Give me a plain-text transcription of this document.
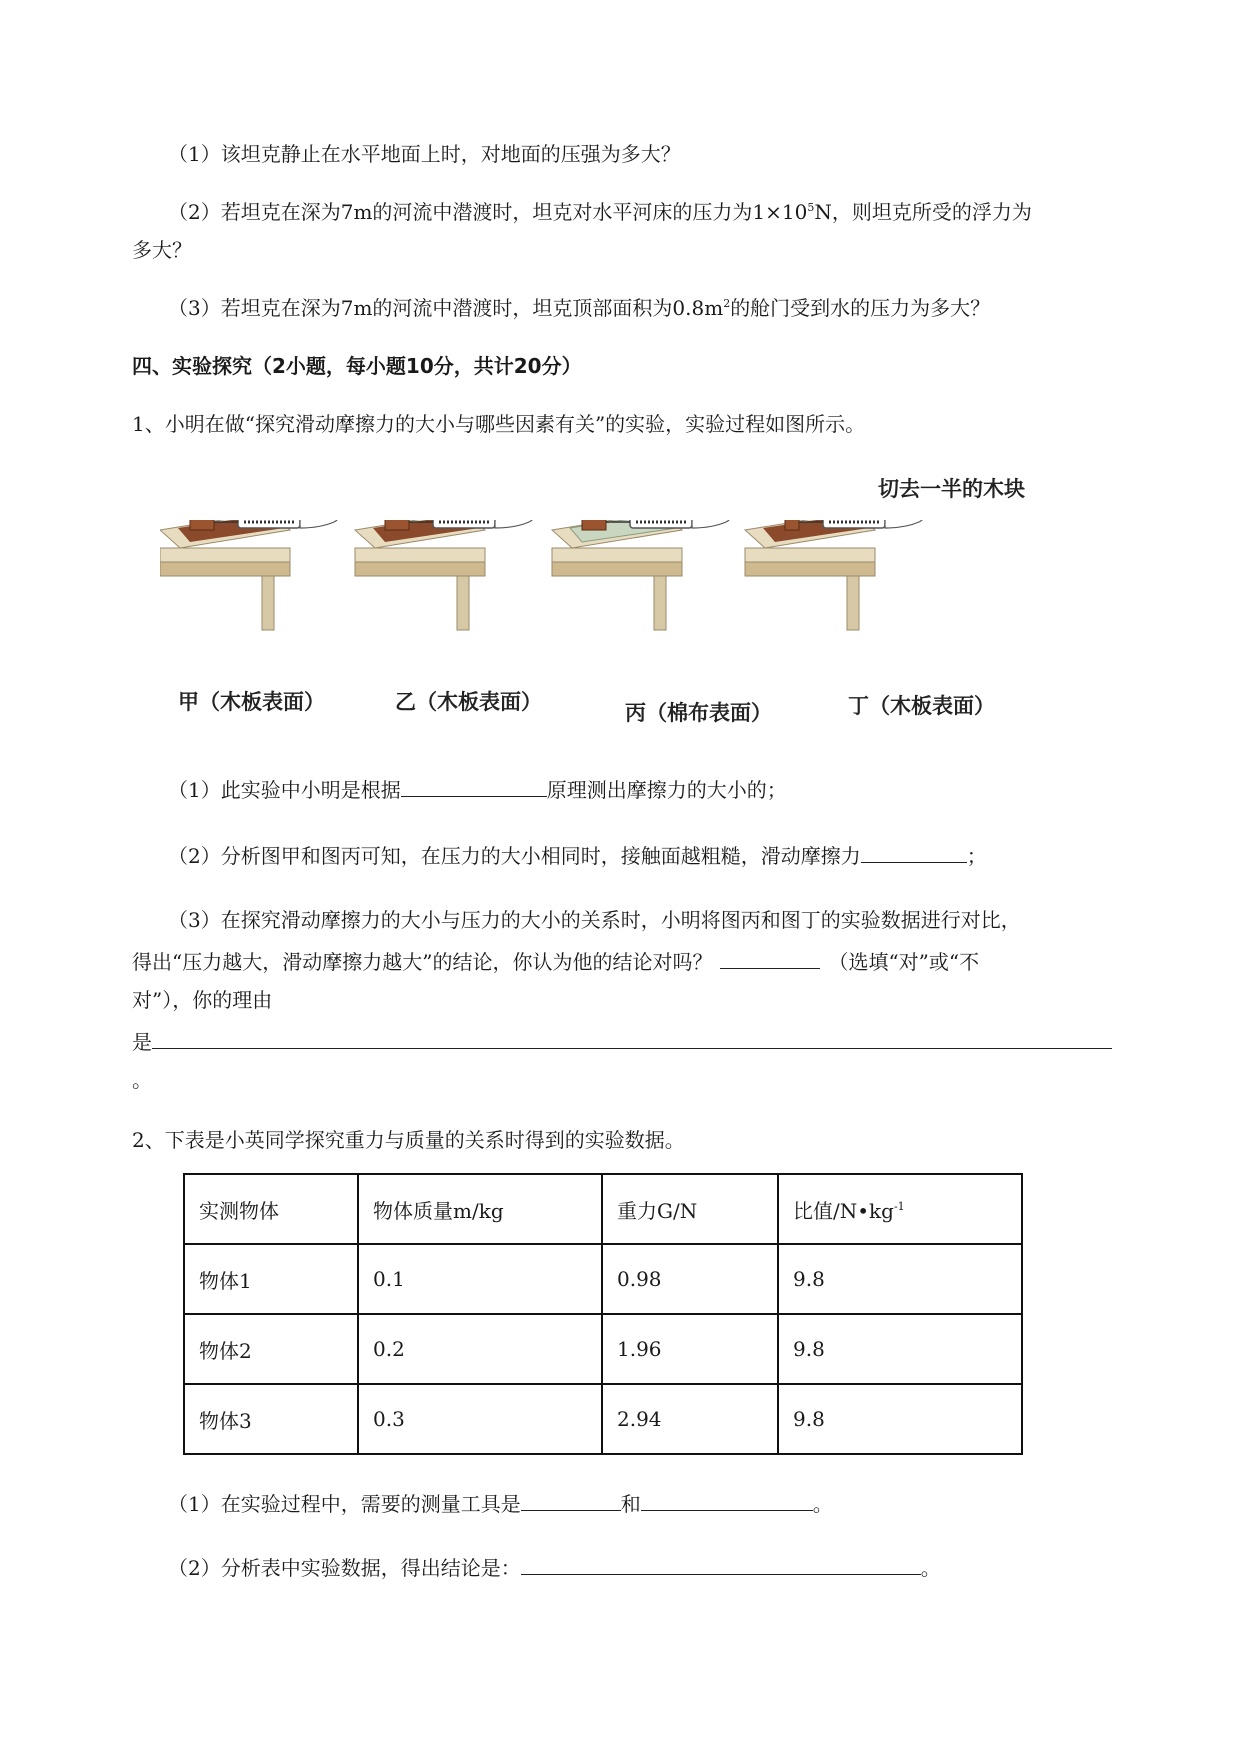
（1）该坦克静止在水平地面上时，对地面的压强为多大？
（2）若坦克在深为7m的河流中潜渡时，坦克对水平河床的压力为$1\times 10^5N$，则坦克所受的浮力为
多大？
（3）若坦克在深为7m的河流中潜渡时，坦克顶部面积为$0.8m^2$的舱门受到水的压力为多大？
四、实验探究（2小题，每小题10分，共计20分）
1、小明在做“探究滑动摩擦力的大小与哪些因素有关”的实验，实验过程如图所示。
切去一半的木块
甲（木板表面）	乙（木板表面）	丙（棉布表面）	丁（木板表面）
（1）此实验中小明是根据	原理测出摩擦力的大小的；
（2）分析图甲和图丙可知，在压力的大小相同时，接触面越粗糙，滑动摩擦力	；
（3）在探究滑动摩擦力的大小与压力的大小的关系时，小明将图丙和图丁的实验数据进行对比，
得出“压力越大，滑动摩擦力越大”的结论，你认为他的结论对吗？	（选填“对”或“不
对”），你的理由
是
。
2、下表是小英同学探究重力与质量的关系时得到的实验数据。
实测物体	物体质量m/kg	重力G/N	比值$/N•kg^{-1}$
物体1	0.1	0.98	9.8
物体2	0.2	1.96	9.8
物体3	0.3	2.94	9.8
（1）在实验过程中，需要的测量工具是	和	。
（2）分析表中实验数据，得出结论是：	。
